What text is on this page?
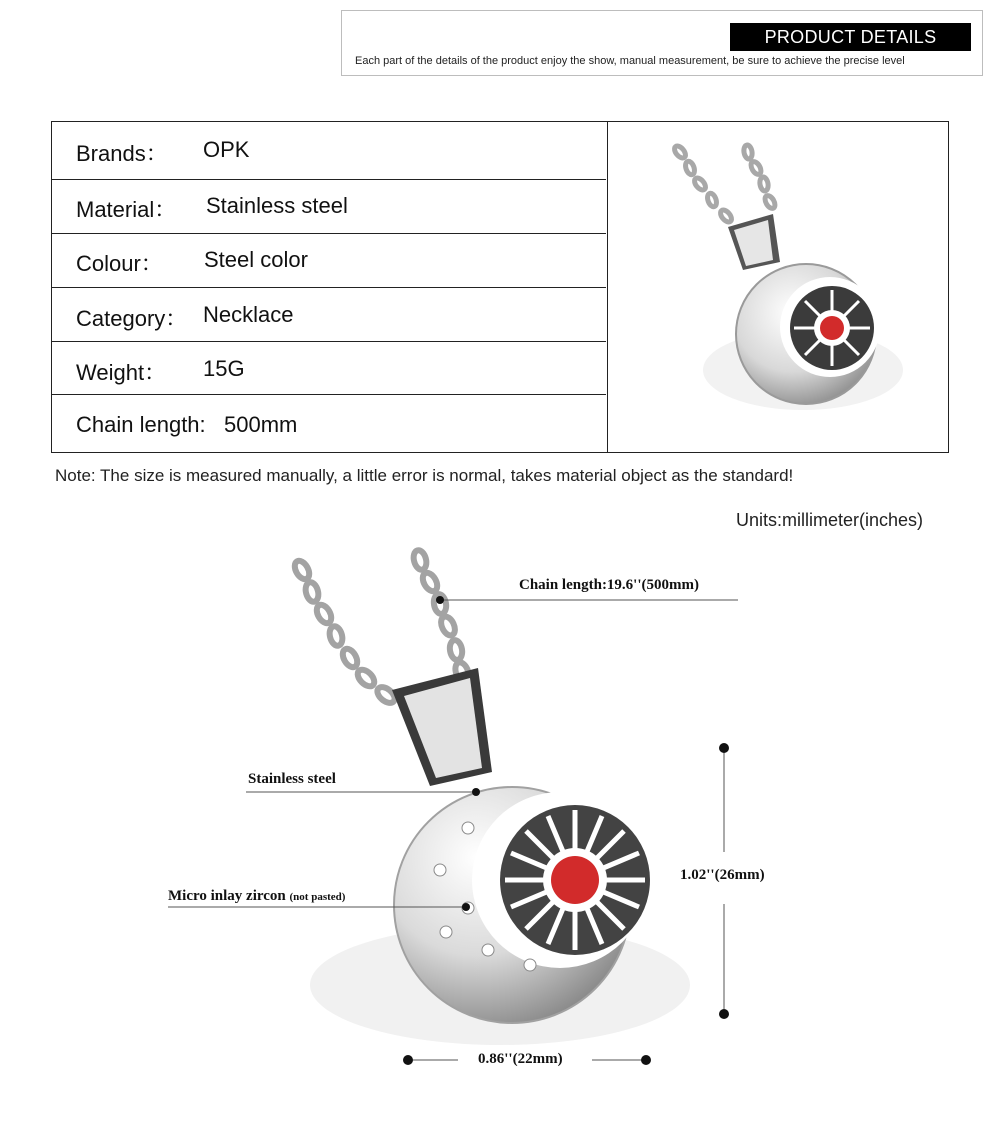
PRODUCT DETAILS
Each part of the details of the product enjoy the show, manual measurement, be sure to achieve the precise level
Brands： OPK
Material： Stainless steel
Colour： Steel color
Category： Necklace
Weight： 15G
Chain length: 500mm
Note: The size is measured manually, a little error is normal, takes material object as the standard!
Units:millimeter(inches)
Chain length:19.6''(500mm)
Stainless steel
Micro inlay zircon (not pasted)
1.02''(26mm)
0.86''(22mm)
